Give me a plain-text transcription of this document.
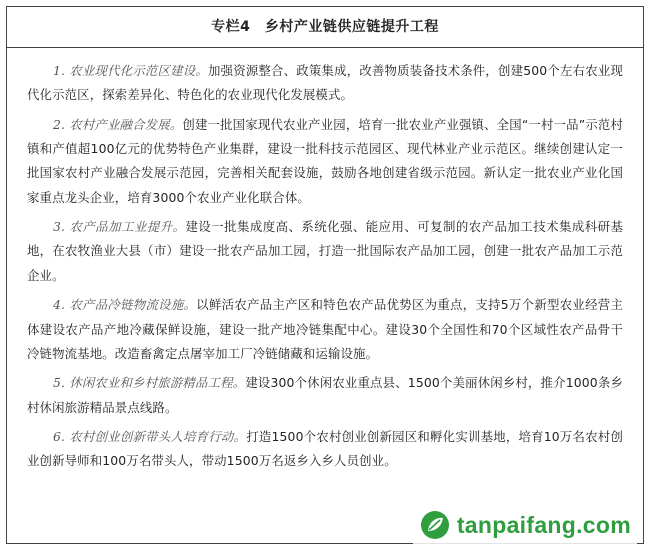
专栏4　乡村产业链供应链提升工程

1. 农业现代化示范区建设。加强资源整合、政策集成，改善物质装备技术条件，创建500个左右农业现代化示范区，探索差异化、特色化的农业现代化发展模式。

2. 农村产业融合发展。创建一批国家现代农业产业园，培育一批农业产业强镇、全国“一村一品”示范村镇和产值超100亿元的优势特色产业集群，建设一批科技示范园区、现代林业产业示范区。继续创建认定一批国家农村产业融合发展示范园，完善相关配套设施，鼓励各地创建省级示范园。新认定一批农业产业化国家重点龙头企业，培育3000个农业产业化联合体。

3. 农产品加工业提升。建设一批集成度高、系统化强、能应用、可复制的农产品加工技术集成科研基地，在农牧渔业大县（市）建设一批农产品加工园，打造一批国际农产品加工园，创建一批农产品加工示范企业。

4. 农产品冷链物流设施。以鲜活农产品主产区和特色农产品优势区为重点，支持5万个新型农业经营主体建设农产品产地冷藏保鲜设施，建设一批产地冷链集配中心。建设30个全国性和70个区域性农产品骨干冷链物流基地。改造畜禽定点屠宰加工厂冷链储藏和运输设施。

5. 休闲农业和乡村旅游精品工程。建设300个休闲农业重点县、1500个美丽休闲乡村，推介1000条乡村休闲旅游精品景点线路。

6. 农村创业创新带头人培育行动。打造1500个农村创业创新园区和孵化实训基地，培育10万名农村创业创新导师和100万名带头人，带动1500万名返乡入乡人员创业。

tanpaifang.com
